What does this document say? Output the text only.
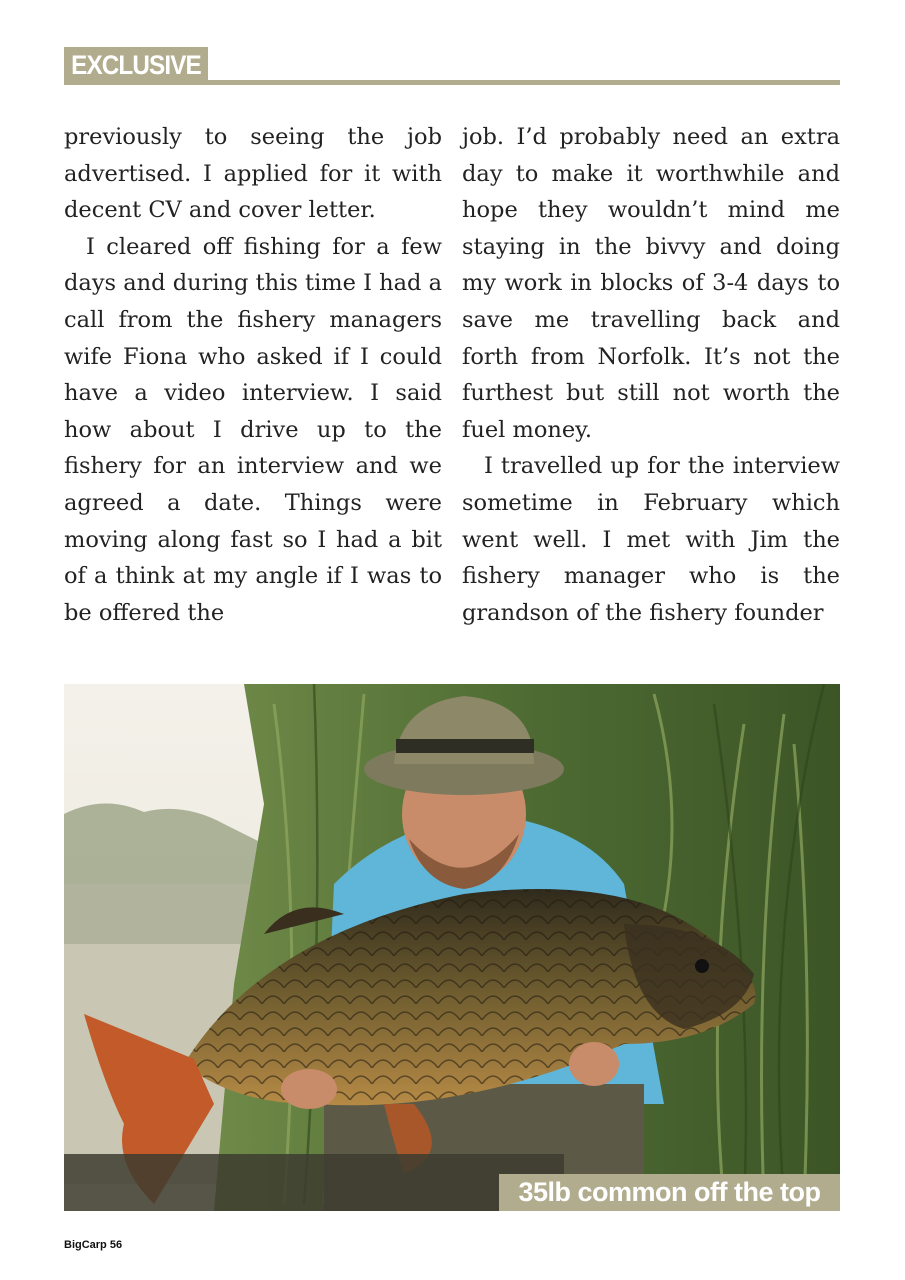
EXCLUSIVE

previously to seeing the job advertised. I applied for it with decent CV and cover letter.

I cleared off fishing for a few days and during this time I had a call from the fishery managers wife Fiona who asked if I could have a video interview. I said how about I drive up to the fishery for an interview and we agreed a date. Things were moving along fast so I had a bit of a think at my angle if I was to be offered the

job. I’d probably need an extra day to make it worthwhile and hope they wouldn’t mind me staying in the bivvy and doing my work in blocks of 3-4 days to save me travelling back and forth from Norfolk. It’s not the furthest but still not worth the fuel money.

I travelled up for the interview sometime in February which went well. I met with Jim the fishery manager who is the grandson of the fishery founder

35lb common off the top
BigCarp 56
